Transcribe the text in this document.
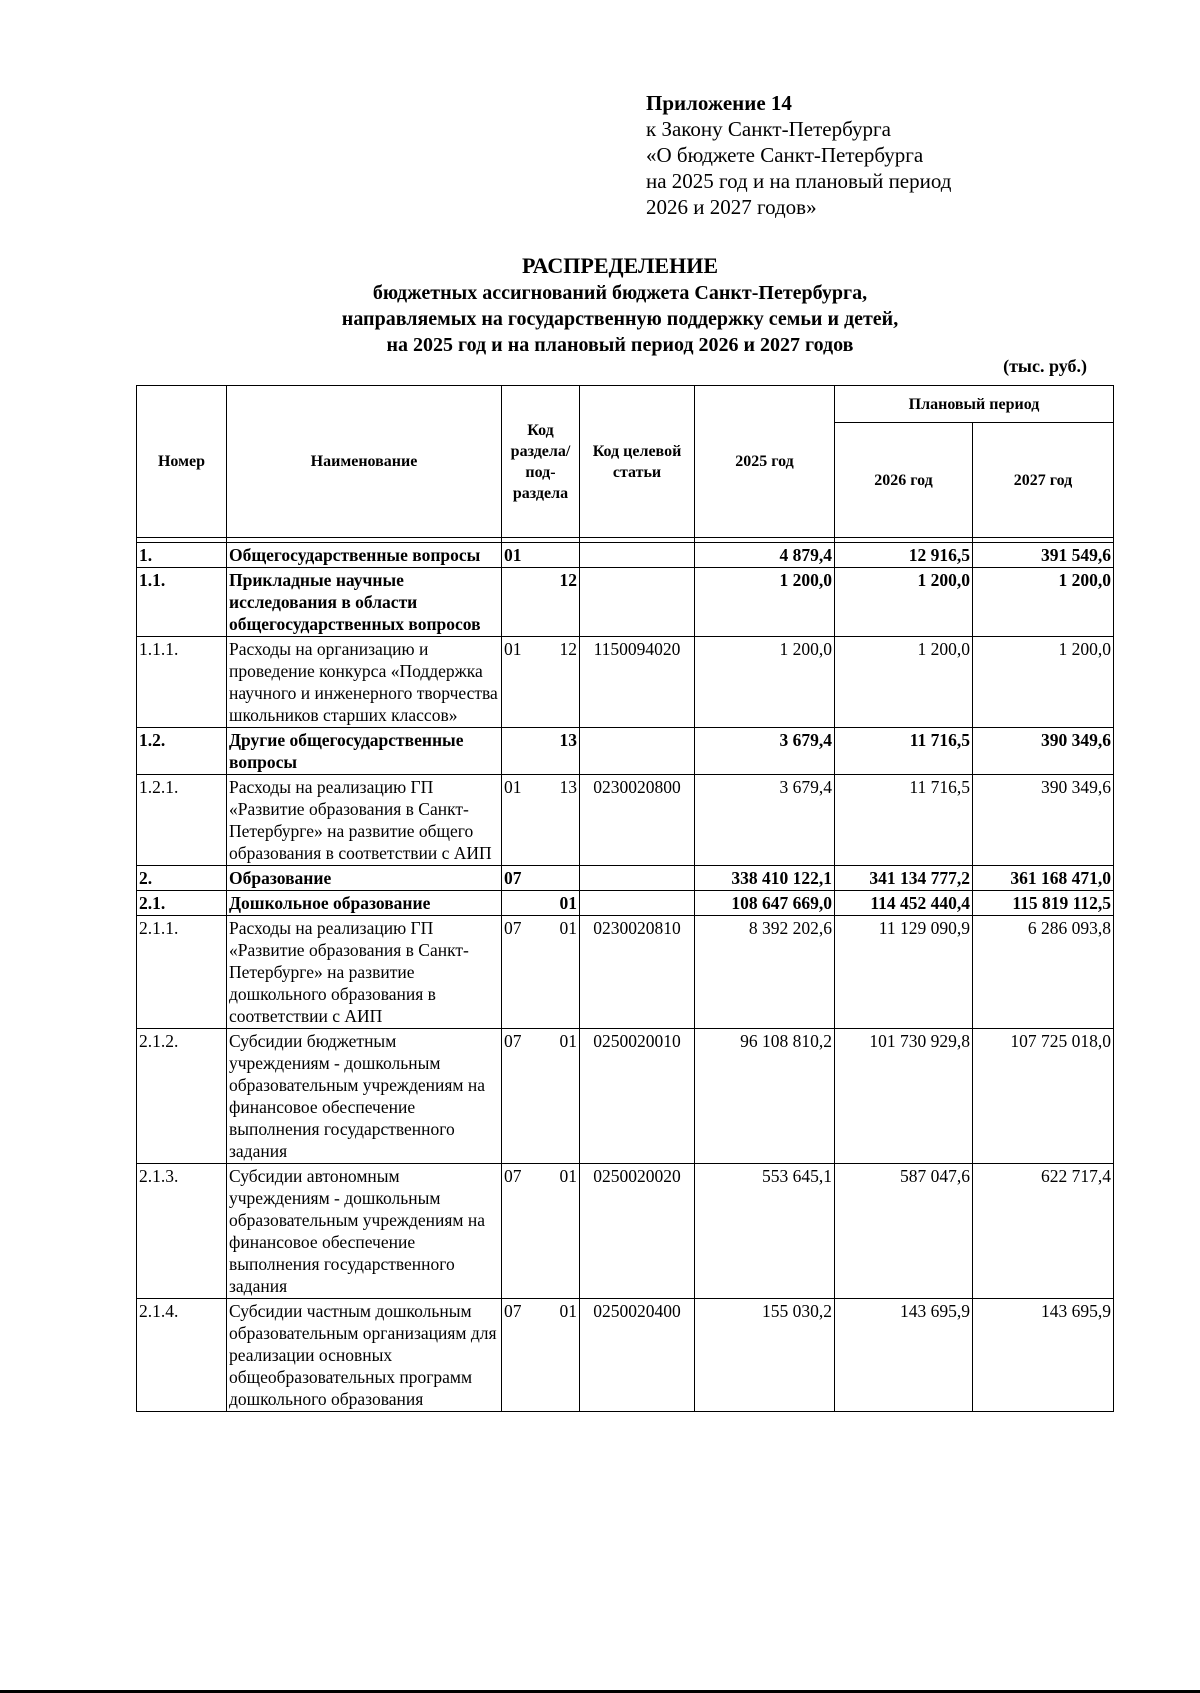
Приложение 14
к Закону Санкт-Петербурга
«О бюджете Санкт-Петербурга
на 2025 год и на плановый период
2026 и 2027 годов»
РАСПРЕДЕЛЕНИЕ
бюджетных ассигнований бюджета Санкт-Петербурга,
направляемых на государственную поддержку семьи и детей,
на 2025 год и на плановый период 2026 и 2027 годов
(тыс. руб.)
Номер	Наименование	Код раздела/ под- раздела	Код целевой статьи	2025 год	Плановый период	
					2026 год	2027 год

1.	Общегосударственные вопросы	01		4 879,4	12 916,5	391 549,6
1.1.	Прикладные научные исследования в области общегосударственных вопросов	12		1 200,0	1 200,0	1 200,0
1.1.1.	Расходы на организацию и проведение конкурса «Поддержка научного и инженерного творчества школьников старших классов»	01 12	1150094020	1 200,0	1 200,0	1 200,0
1.2.	Другие общегосударственные вопросы	13		3 679,4	11 716,5	390 349,6
1.2.1.	Расходы на реализацию ГП «Развитие образования в Санкт-Петербурге» на развитие общего образования в соответствии с АИП	01 13	0230020800	3 679,4	11 716,5	390 349,6
2.	Образование	07		338 410 122,1	341 134 777,2	361 168 471,0
2.1.	Дошкольное образование	01		108 647 669,0	114 452 440,4	115 819 112,5
2.1.1.	Расходы на реализацию ГП «Развитие образования в Санкт-Петербурге» на развитие дошкольного образования в соответствии с АИП	07 01	0230020810	8 392 202,6	11 129 090,9	6 286 093,8
2.1.2.	Субсидии бюджетным учреждениям - дошкольным образовательным учреждениям на финансовое обеспечение выполнения государственного задания	07 01	0250020010	96 108 810,2	101 730 929,8	107 725 018,0
2.1.3.	Субсидии автономным учреждениям - дошкольным образовательным учреждениям на финансовое обеспечение выполнения государственного задания	07 01	0250020020	553 645,1	587 047,6	622 717,4
2.1.4.	Субсидии частным дошкольным образовательным организациям для реализации основных общеобразовательных программ дошкольного образования	07 01	0250020400	155 030,2	143 695,9	143 695,9
